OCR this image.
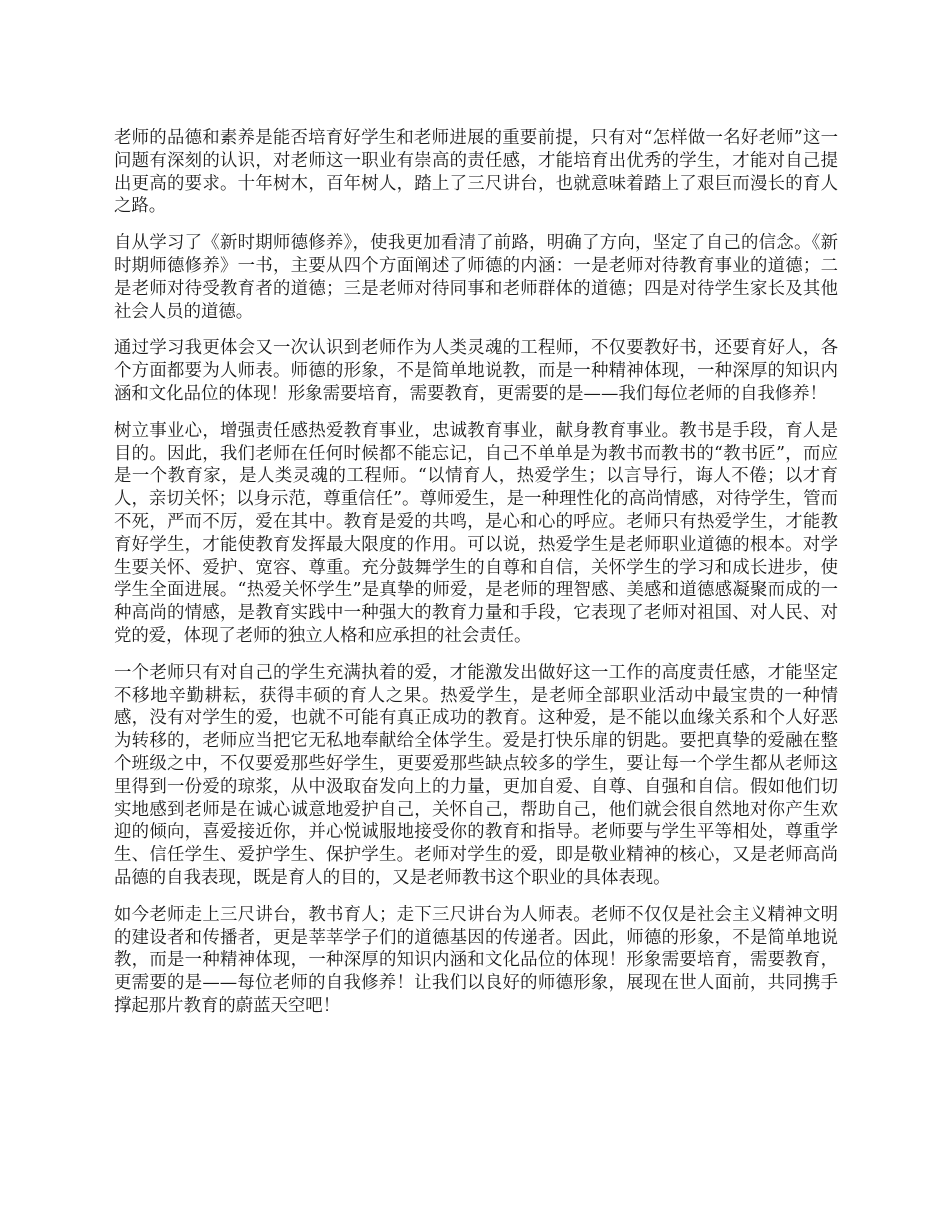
老师的品德和素养是能否培育好学生和老师进展的重要前提，只有对“怎样做一名好老师”这一问题有深刻的认识，对老师这一职业有崇高的责任感，才能培育出优秀的学生，才能对自己提出更高的要求。十年树木，百年树人，踏上了三尺讲台，也就意味着踏上了艰巨而漫长的育人之路。

自从学习了《新时期师德修养》，使我更加看清了前路，明确了方向，坚定了自己的信念。《新时期师德修养》一书，主要从四个方面阐述了师德的内涵：一是老师对待教育事业的道德；二是老师对待受教育者的道德；三是老师对待同事和老师群体的道德；四是对待学生家长及其他社会人员的道德。

通过学习我更体会又一次认识到老师作为人类灵魂的工程师，不仅要教好书，还要育好人，各个方面都要为人师表。师德的形象，不是简单地说教，而是一种精神体现，一种深厚的知识内涵和文化品位的体现！形象需要培育，需要教育，更需要的是——我们每位老师的自我修养！

树立事业心，增强责任感热爱教育事业，忠诚教育事业，献身教育事业。教书是手段，育人是目的。因此，我们老师在任何时候都不能忘记，自己不单单是为教书而教书的“教书匠”，而应是一个教育家，是人类灵魂的工程师。“以情育人，热爱学生；以言导行，诲人不倦；以才育人，亲切关怀；以身示范，尊重信任”。尊师爱生，是一种理性化的高尚情感，对待学生，管而不死，严而不厉，爱在其中。教育是爱的共鸣，是心和心的呼应。老师只有热爱学生，才能教育好学生，才能使教育发挥最大限度的作用。可以说，热爱学生是老师职业道德的根本。对学生要关怀、爱护、宽容、尊重。充分鼓舞学生的自尊和自信，关怀学生的学习和成长进步，使学生全面进展。“热爱关怀学生”是真挚的师爱，是老师的理智感、美感和道德感凝聚而成的一种高尚的情感，是教育实践中一种强大的教育力量和手段，它表现了老师对祖国、对人民、对党的爱，体现了老师的独立人格和应承担的社会责任。

一个老师只有对自己的学生充满执着的爱，才能激发出做好这一工作的高度责任感，才能坚定不移地辛勤耕耘，获得丰硕的育人之果。热爱学生，是老师全部职业活动中最宝贵的一种情感，没有对学生的爱，也就不可能有真正成功的教育。这种爱，是不能以血缘关系和个人好恶为转移的，老师应当把它无私地奉献给全体学生。爱是打快乐扉的钥匙。要把真挚的爱融在整个班级之中，不仅要爱那些好学生，更要爱那些缺点较多的学生，要让每一个学生都从老师这里得到一份爱的琼浆，从中汲取奋发向上的力量，更加自爱、自尊、自强和自信。假如他们切实地感到老师是在诚心诚意地爱护自己，关怀自己，帮助自己，他们就会很自然地对你产生欢迎的倾向，喜爱接近你，并心悦诚服地接受你的教育和指导。老师要与学生平等相处，尊重学生、信任学生、爱护学生、保护学生。老师对学生的爱，即是敬业精神的核心，又是老师高尚品德的自我表现，既是育人的目的，又是老师教书这个职业的具体表现。

如今老师走上三尺讲台，教书育人；走下三尺讲台为人师表。老师不仅仅是社会主义精神文明的建设者和传播者，更是莘莘学子们的道德基因的传递者。因此，师德的形象，不是简单地说教，而是一种精神体现，一种深厚的知识内涵和文化品位的体现！形象需要培育，需要教育，更需要的是——每位老师的自我修养！让我们以良好的师德形象，展现在世人面前，共同携手撑起那片教育的蔚蓝天空吧！
